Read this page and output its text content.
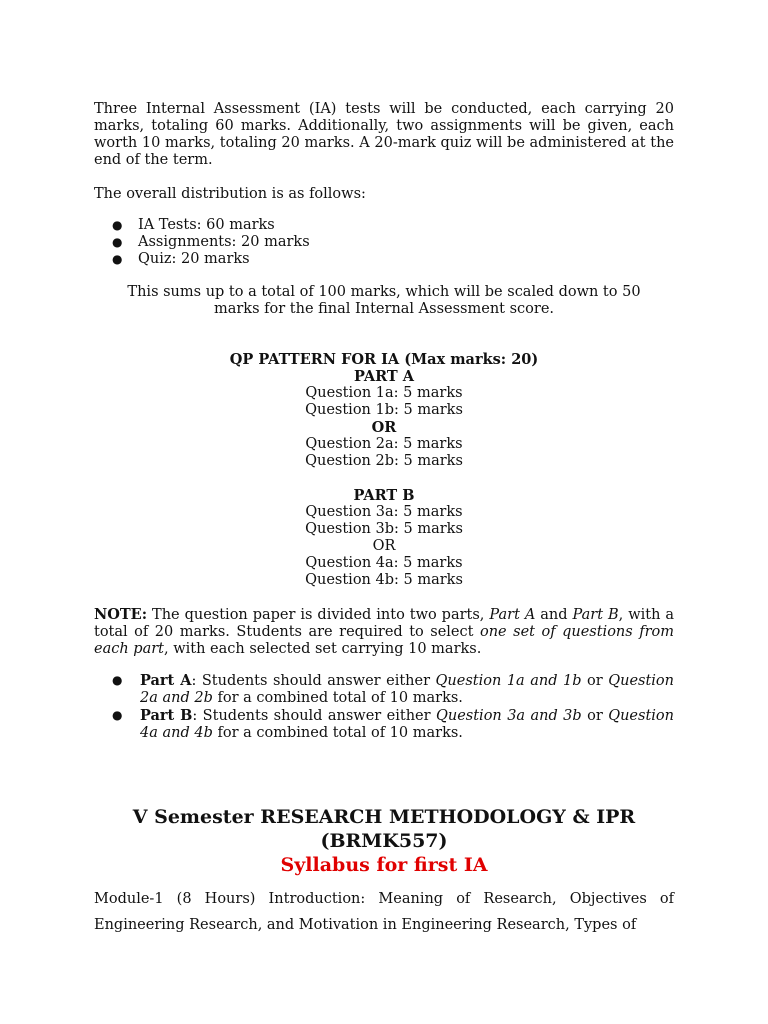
Three Internal Assessment (IA) tests will be conducted, each carrying 20 marks, totaling 60 marks. Additionally, two assignments will be given, each worth 10 marks, totaling 20 marks. A 20-mark quiz will be administered at the end of the term.

The overall distribution is as follows:

● IA Tests: 60 marks
● Assignments: 20 marks
● Quiz: 20 marks
This sums up to a total of 100 marks, which will be scaled down to 50
marks for the final Internal Assessment score.
QP PATTERN FOR IA (Max marks: 20)
PART A
Question 1a: 5 marks
Question 1b: 5 marks
OR
Question 2a: 5 marks
Question 2b: 5 marks
PART B
Question 3a: 5 marks
Question 3b: 5 marks
OR
Question 4a: 5 marks
Question 4b: 5 marks
NOTE: The question paper is divided into two parts, Part A and Part B, with a total of 20 marks. Students are required to select one set of questions from each part, with each selected set carrying 10 marks.
● Part A: Students should answer either Question 1a and 1b or Question 2a and 2b for a combined total of 10 marks.
● Part B: Students should answer either Question 3a and 3b or Question 4a and 4b for a combined total of 10 marks.
V Semester RESEARCH METHODOLOGY & IPR
(BRMK557)
Syllabus for first IA
Module-1 (8 Hours) Introduction: Meaning of Research, Objectives of Engineering Research, and Motivation in Engineering Research, Types of
